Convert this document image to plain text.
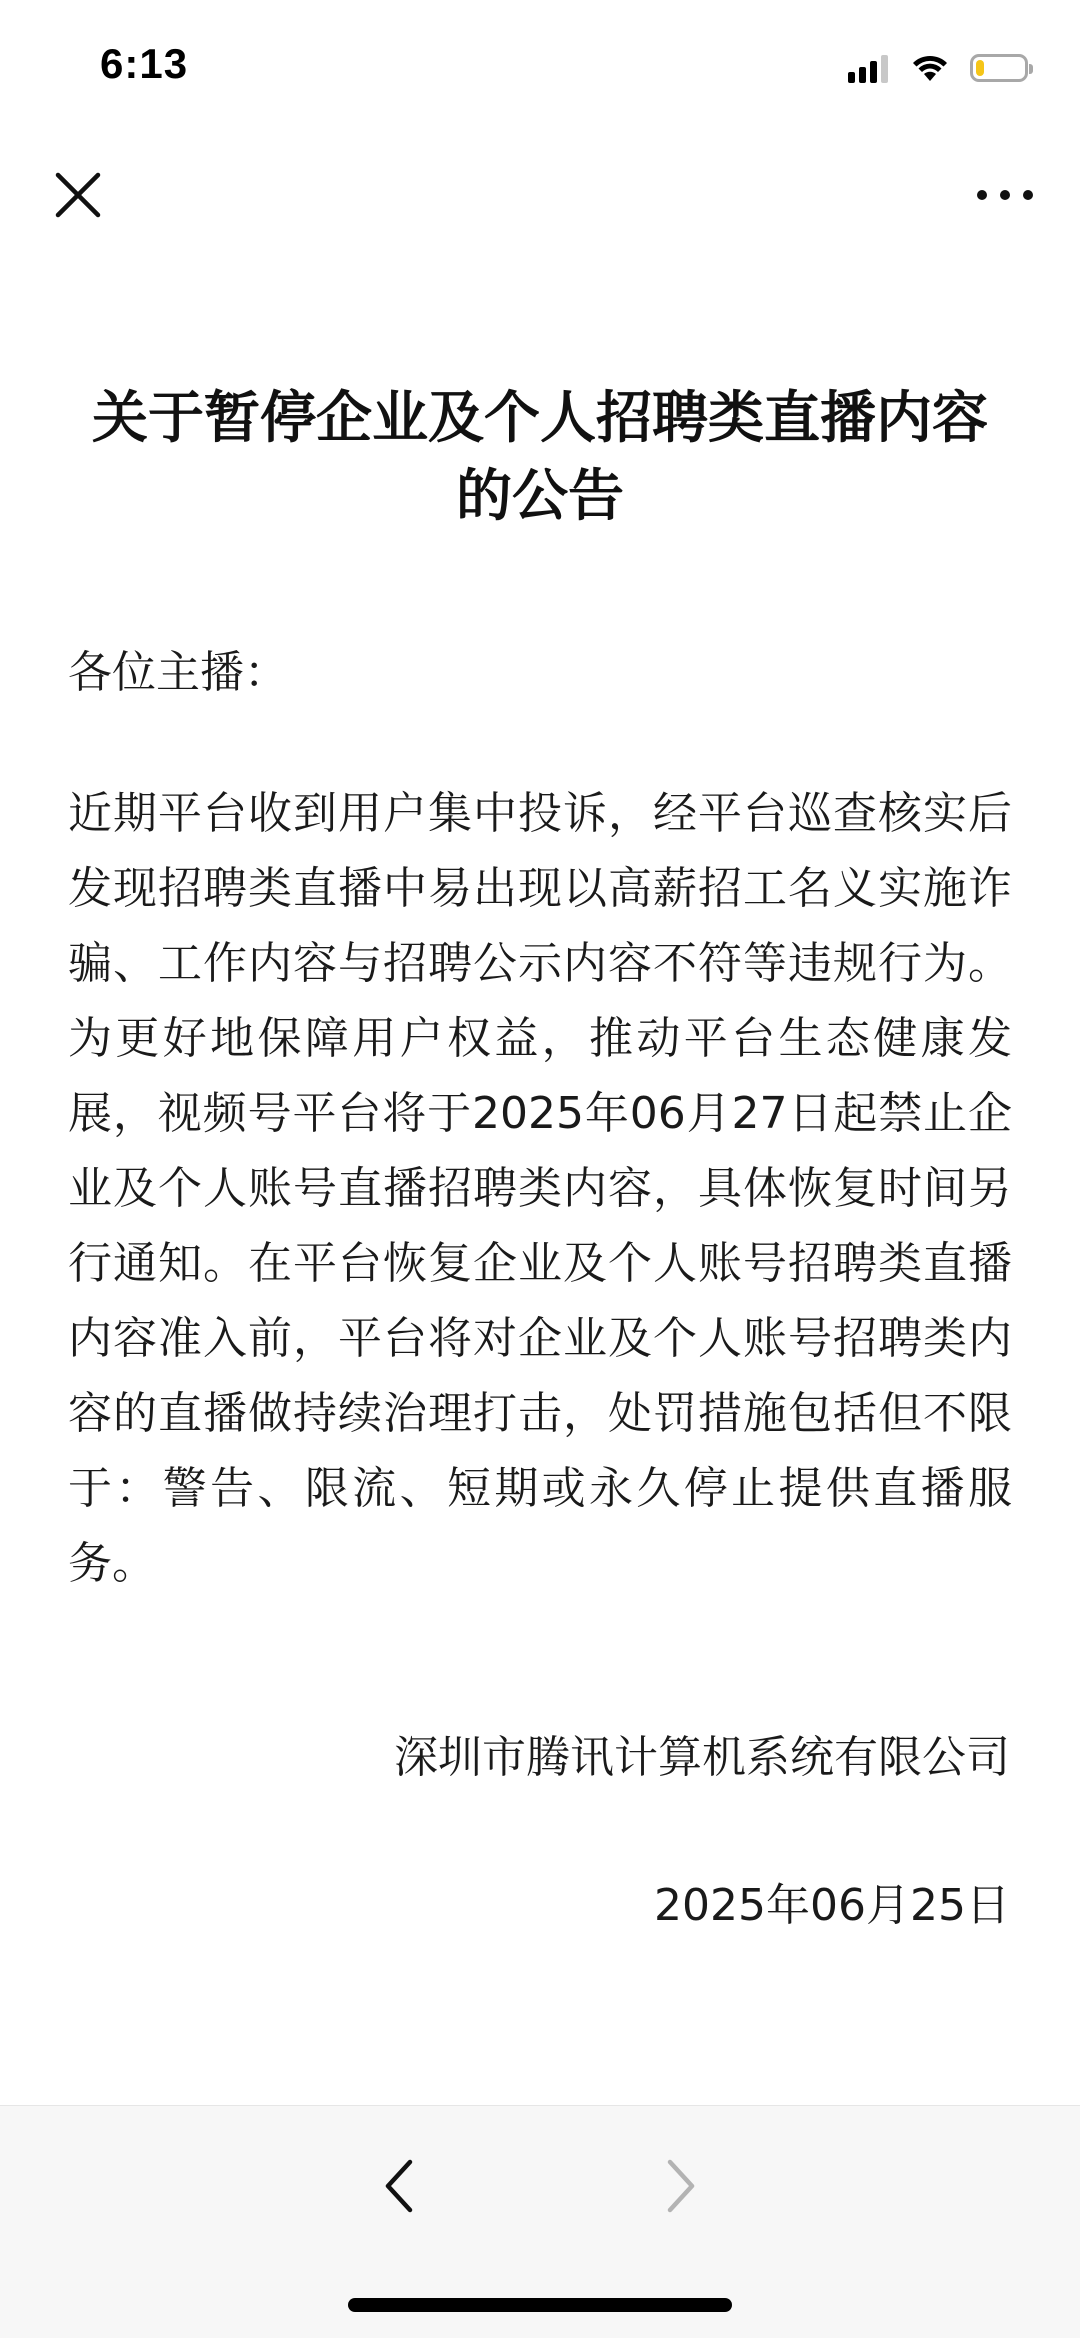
6:13
关于暂停企业及个人招聘类直播内容的公告

各位主播：

近期平台收到用户集中投诉，经平台巡查核实后发现招聘类直播中易出现以高薪招工名义实施诈骗、工作内容与招聘公示内容不符等违规行为。为更好地保障用户权益，推动平台生态健康发展，视频号平台将于2025年06月27日起禁止企业及个人账号直播招聘类内容，具体恢复时间另行通知。在平台恢复企业及个人账号招聘类直播内容准入前，平台将对企业及个人账号招聘类内容的直播做持续治理打击，处罚措施包括但不限于：警告、限流、短期或永久停止提供直播服务。

深圳市腾讯计算机系统有限公司

2025年06月25日
